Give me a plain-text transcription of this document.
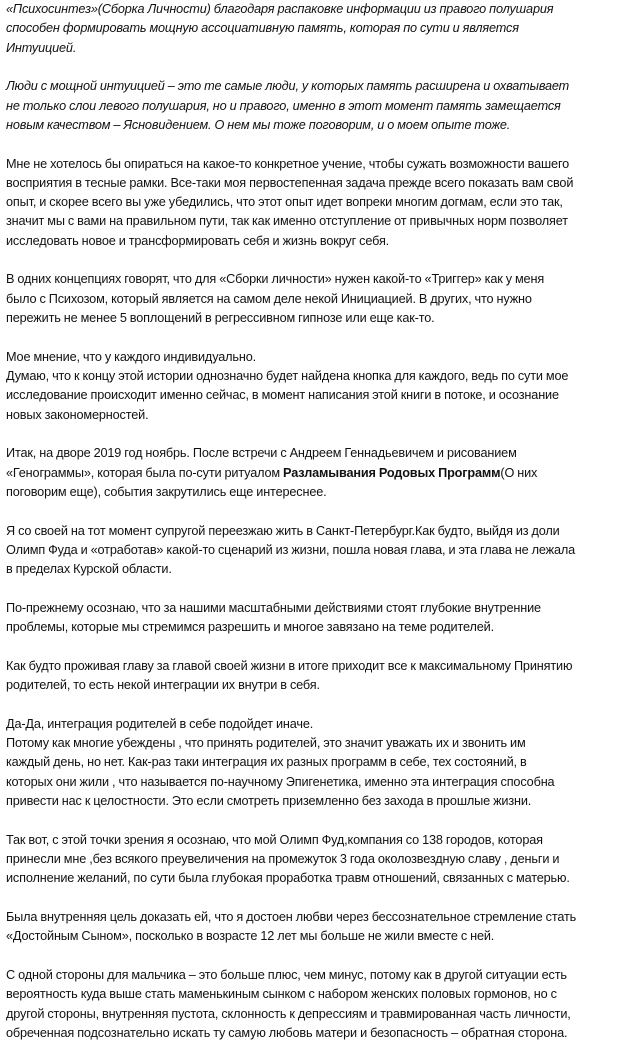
«Психосинтез»(Сборка Личности) благодаря распаковке информации из правого полушария
способен формировать мощную ассоциативную память, которая по сути и является
Интуицией.
Люди с мощной интуицией – это те самые люди, у которых память расширена и охватывает
не только слои левого полушария, но и правого, именно в этот момент память замещается
новым качеством – Ясновидением. О нем мы тоже поговорим, и о моем опыте тоже.
Мне не хотелось бы опираться на какое-то конкретное учение, чтобы сужать возможности вашего
восприятия в тесные рамки. Все-таки моя первостепенная задача прежде всего показать вам свой
опыт, и скорее всего вы уже убедились, что этот опыт идет вопреки многим догмам, если это так,
значит мы с вами на правильном пути, так как именно отступление от привычных норм позволяет
исследовать новое и трансформировать себя и жизнь вокруг себя.
В одних концепциях говорят, что для «Сборки личности» нужен какой-то «Триггер» как у меня
было с Психозом, который является на самом деле некой Инициацией. В других, что нужно
пережить не менее 5 воплощений в регрессивном гипнозе или еще как-то.
Мое мнение, что у каждого индивидуально.
Думаю, что к концу этой истории однозначно будет найдена кнопка для каждого, ведь по сути мое
исследование происходит именно сейчас, в момент написания этой книги в потоке, и осознание
новых закономерностей.
Итак, на дворе 2019 год ноябрь. После встречи с Андреем Геннадьевичем и рисованием
«Генограммы», которая была по-сути ритуалом Разламывания Родовых Программ(О них
поговорим еще), события закрутились еще интереснее.
Я со своей на тот момент супругой переезжаю жить в Санкт-Петербург.Как будто, выйдя из доли
Олимп Фуда и «отработав» какой-то сценарий из жизни, пошла новая глава, и эта глава не лежала
в пределах Курской области.
По-прежнему осознаю, что за нашими масштабными действиями стоят глубокие внутренние
проблемы, которые мы стремимся разрешить и многое завязано на теме родителей.
Как будто проживая главу за главой своей жизни в итоге приходит все к максимальному Принятию
родителей, то есть некой интеграции их внутри в себя.
Да-Да, интеграция родителей в себе подойдет иначе.
Потому как многие убеждены , что принять родителей, это значит уважать их и звонить им
каждый день, но нет. Как-раз таки интеграция их разных программ в себе, тех состояний, в
которых они жили , что называется по-научному Эпигенетика, именно эта интеграция способна
привести нас к целостности. Это если смотреть приземленно без захода в прошлые жизни.
Так вот, с этой точки зрения я осознаю, что мой Олимп Фуд,компания со 138 городов, которая
принесли мне ,без всякого преувеличения на промежуток 3 года околозвездную славу , деньги и
исполнение желаний, по сути была глубокая проработка травм отношений, связанных с матерью.
Была внутренняя цель доказать ей, что я достоен любви через бессознательное стремление стать
«Достойным Сыном», посколько в возрасте 12 лет мы больше не жили вместе с ней.
С одной стороны для мальчика – это больше плюс, чем минус, потому как в другой ситуации есть
вероятность куда выше стать маменькиным сынком с набором женских половых гормонов, но с
другой стороны, внутренняя пустота, склонность к депрессиям и травмированная часть личности,
обреченная подсознательно искать ту самую любовь матери и безопасность – обратная сторона.
